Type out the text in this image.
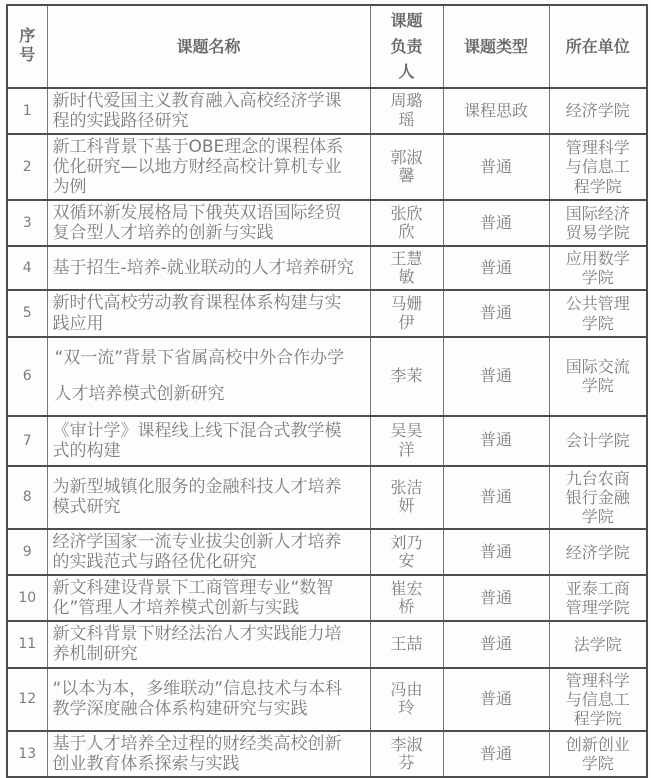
序号	课题名称	课题负责人	课题类型	所在单位
1	新时代爱国主义教育融入高校经济学课程的实践路径研究	周璐瑶	课程思政	经济学院
2	新工科背景下基于OBE理念的课程体系优化研究—以地方财经高校计算机专业为例	郭淑馨	普通	管理科学与信息工程学院
3	双循环新发展格局下俄英双语国际经贸复合型人才培养的创新与实践	张欣欣	普通	国际经济贸易学院
4	基于招生-培养-就业联动的人才培养研究	王慧敏	普通	应用数学学院
5	新时代高校劳动教育课程体系构建与实践应用	马姗伊	普通	公共管理学院
6	“双一流”背景下省属高校中外合作办学人才培养模式创新研究	李茉	普通	国际交流学院
7	《审计学》课程线上线下混合式教学模式的构建	吴昊洋	普通	会计学院
8	为新型城镇化服务的金融科技人才培养模式研究	张洁妍	普通	九台农商银行金融学院
9	经济学国家一流专业拔尖创新人才培养的实践范式与路径优化研究	刘乃安	普通	经济学院
10	新文科建设背景下工商管理专业“数智化”管理人才培养模式创新与实践	崔宏桥	普通	亚泰工商管理学院
11	新文科背景下财经法治人才实践能力培养机制研究	王喆	普通	法学院
12	“以本为本，多维联动”信息技术与本科教学深度融合体系构建研究与实践	冯由玲	普通	管理科学与信息工程学院
13	基于人才培养全过程的财经类高校创新创业教育体系探索与实践	李淑芬	普通	创新创业学院
